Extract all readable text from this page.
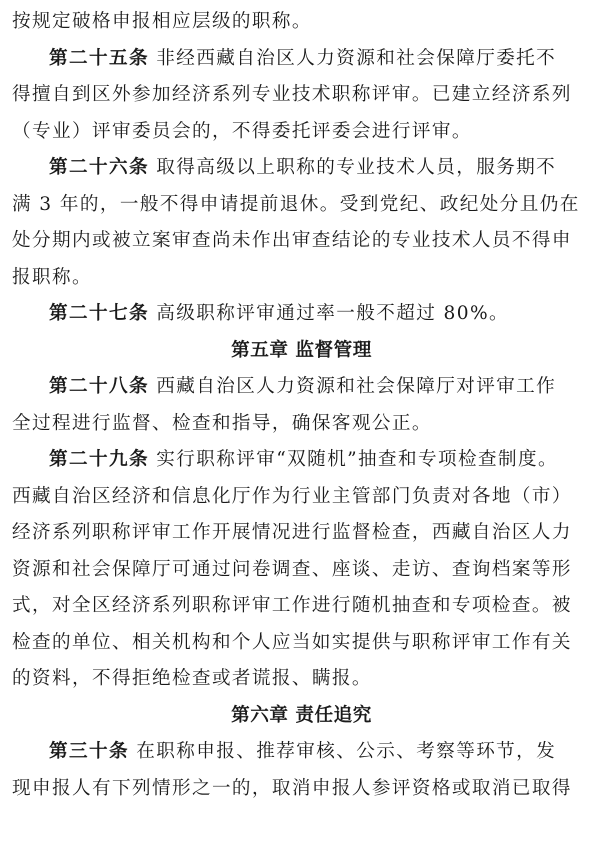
按规定破格申报相应层级的职称。
第二十五条 非经西藏自治区人力资源和社会保障厅委托不
得擅自到区外参加经济系列专业技术职称评审。已建立经济系列
（专业）评审委员会的，不得委托评委会进行评审。
第二十六条 取得高级以上职称的专业技术人员，服务期不
满 3 年的，一般不得申请提前退休。受到党纪、政纪处分且仍在
处分期内或被立案审查尚未作出审查结论的专业技术人员不得申
报职称。
第二十七条 高级职称评审通过率一般不超过 80%。
第五章 监督管理
第二十八条 西藏自治区人力资源和社会保障厅对评审工作
全过程进行监督、检查和指导，确保客观公正。
第二十九条 实行职称评审“双随机”抽查和专项检查制度。
西藏自治区经济和信息化厅作为行业主管部门负责对各地（市）
经济系列职称评审工作开展情况进行监督检查，西藏自治区人力
资源和社会保障厅可通过问卷调查、座谈、走访、查询档案等形
式，对全区经济系列职称评审工作进行随机抽查和专项检查。被
检查的单位、相关机构和个人应当如实提供与职称评审工作有关
的资料，不得拒绝检查或者谎报、瞒报。
第六章 责任追究
第三十条 在职称申报、推荐审核、公示、考察等环节，发
现申报人有下列情形之一的，取消申报人参评资格或取消已取得
